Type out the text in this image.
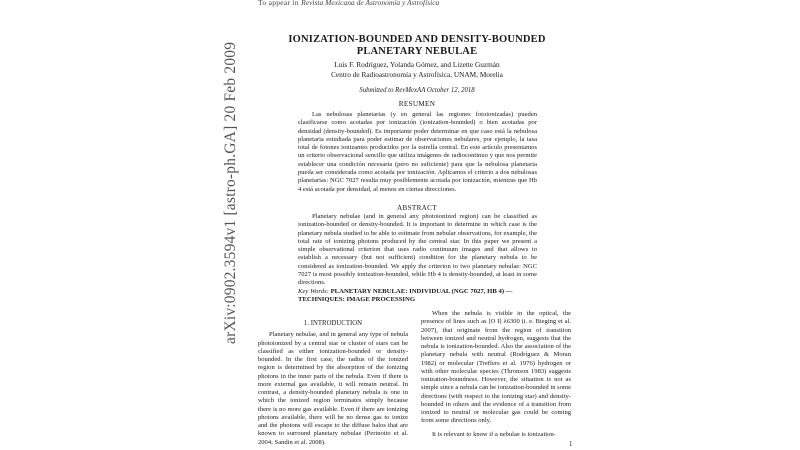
To appear in Revista Mexicana de Astronomía y Astrofísica
arXiv:0902.3594v1 [astro-ph.GA] 20 Feb 2009
IONIZATION-BOUNDED AND DENSITY-BOUNDED PLANETARY NEBULAE
Luis F. Rodríguez, Yolanda Gómez, and Lizette Guzmán
Centro de Radioastronomía y Astrofísica, UNAM, Morelia
Submitted to RevMexAA October 12, 2018
RESUMEN

Las nebulosas planetarias (y en general las regiones fotoionizadas) pueden clasificarse como acotadas por ionización (ionization-bounded) o bien acotadas por densidad (density-bounded). Es importante poder determinar en que caso está la nebulosa planetaria estudiada para poder estimar de observaciones nebulares, por ejemplo, la tasa total de fotones ionizantes producidos por la estrella central. En este artículo presentamos un criterio observacional sencillo que utiliza imágenes de radiocontinuo y que nos permite establecer una condición necesaria (pero no suficiente) para que la nebulosa planetaria pueda ser considerada como acotada por ionización. Aplicamos el criterio a dos nebulosas planetarias: NGC 7027 resulta muy posiblemente acotada por ionización, mientras que Hb 4 está acotada por densidad, al menos en ciertas direcciones.

ABSTRACT

Planetary nebulae (and in general any photoionized region) can be classified as ionization-bounded or density-bounded. It is important to determine in which case is the planetary nebula studied to be able to estimate from nebular observations, for example, the total rate of ionizing photons produced by the central star. In this paper we present a simple observational criterion that uses radio continuum images and that allows to establish a necessary (but not sufficient) condition for the planetary nebula to be considered as ionization-bounded. We apply the criterion to two planetary nebulae: NGC 7027 is most possibly ionization-bounded, while Hb 4 is density-bounded, at least in some directions.

Key Words: PLANETARY NEBULAE: INDIVIDUAL (NGC 7027, HB 4) — TECHNIQUES: IMAGE PROCESSING

1. INTRODUCTION

Planetary nebulae, and in general any type of nebula photoionized by a central star or cluster of stars can be classified as either ionization-bounded or density-bounded. In the first case, the radius of the ionized region is determined by the absorption of the ionizing photons in the inner parts of the nebula. Even if there is more external gas available, it will remain neutral. In contrast, a density-bounded planetary nebula is one in which the ionized region terminates simply because there is no more gas available. Even if there are ionizing photons available, there will be no dense gas to ionize and the photons will escape to the diffuse halos that are known to surround planetary nebulae (Perinotto et al. 2004; Sandin et al. 2008).

When the nebula is visible in the optical, the presence of lines such as [O I] λ6300 (i. e. Bieging et al. 2007), that originate from the region of transition between ionized and neutral hydrogen, suggests that the nebula is ionization-bounded. Also the association of the planetary nebula with neutral (Rodríguez & Moran 1982) or molecular (Treffers et al. 1976) hydrogen or with other molecular species (Thronson 1983) suggests ionization-boundness. However, the situation is not as simple since a nebula can be ionization-bounded in some directions (with respect to the ionizing star) and density-bounded in others and the evidence of a transition from ionized to neutral or molecular gas could be coming from some directions only.

It is relevant to know if a nebulae is ionization-

1
